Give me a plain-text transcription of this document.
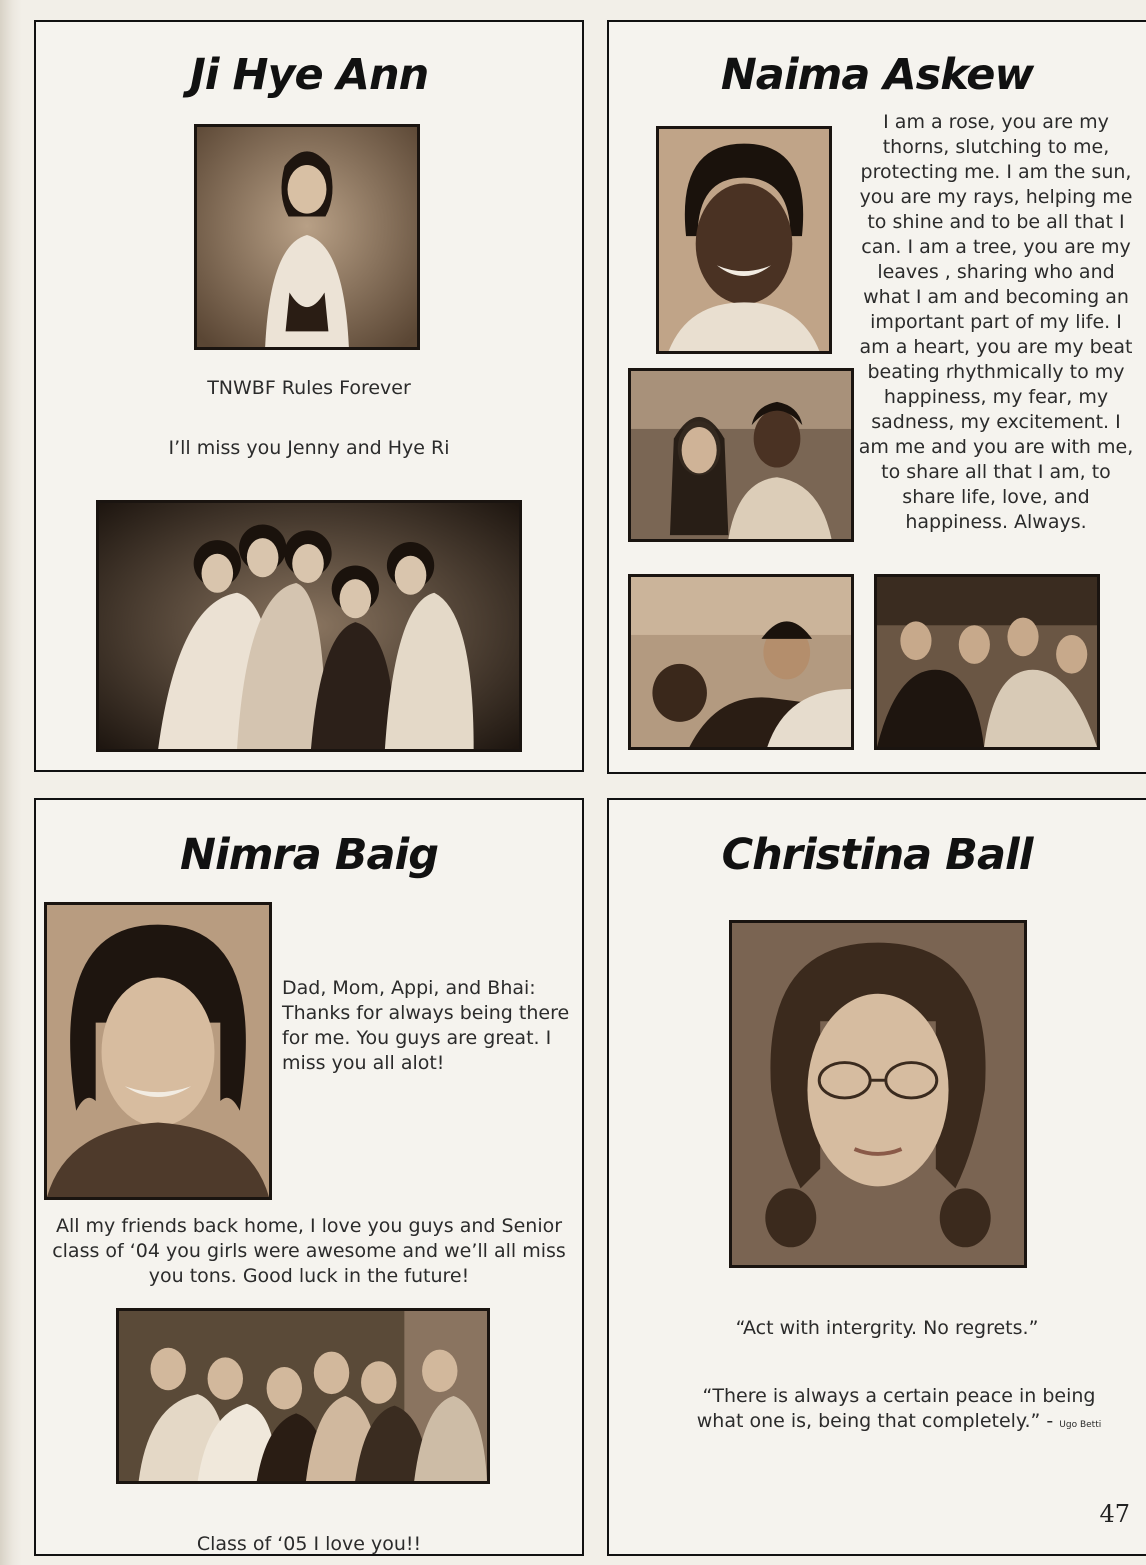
Ji Hye Ann
TNWBF Rules Forever
I’ll miss you Jenny and Hye Ri
Naima Askew
I am a rose, you are my thorns, slutching to me, protecting me. I am the sun, you are my rays, helping me to shine and to be all that I can. I am a tree, you are my leaves , sharing who and what I am and becoming an important part of my life. I am a heart, you are my beat beating rhythmically to my happiness, my fear, my sadness, my excitement. I am me and you are with me, to share all that I am, to share life, love, and happiness. Always.
Nimra Baig
Dad, Mom, Appi, and Bhai: Thanks for always being there for me. You guys are great. I miss you all alot!
All my friends back home, I love you guys and Senior class of ‘04 you girls were awesome and we’ll all miss you tons. Good luck in the future!
Class of ‘05 I love you!!
Christina Ball
“Act with intergrity. No regrets.”
“There is always a certain peace in being what one is, being that completely.” - Ugo Betti
47
